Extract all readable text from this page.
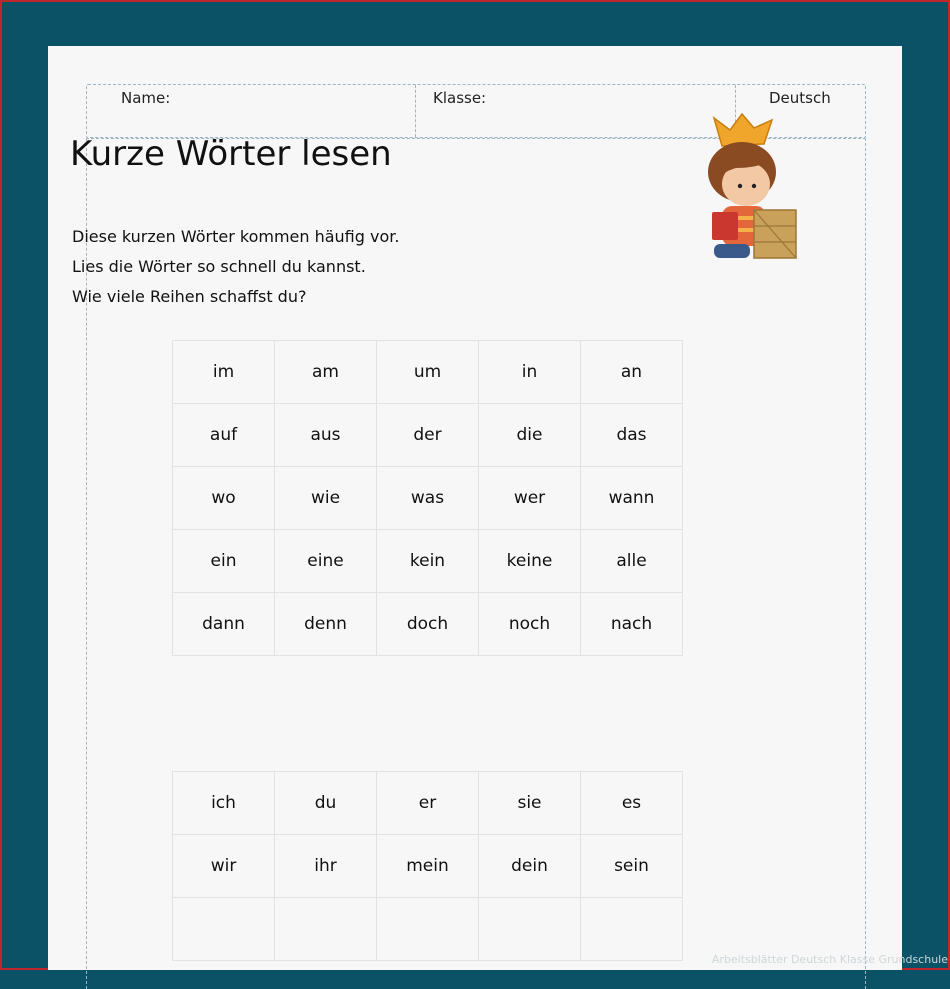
Name:	Klasse:	Deutsch
Kurze Wörter lesen
Diese kurzen Wörter kommen häufig vor.
Lies die Wörter so schnell du kannst.
Wie viele Reihen schaffst du?
im	am	um	in	an
auf	aus	der	die	das
wo	wie	was	wer	wann
ein	eine	kein	keine	alle
dann	denn	doch	noch	nach
ich	du	er	sie	es
wir	ihr	mein	dein	sein
Arbeitsblätter Deutsch Klasse Grundschule
